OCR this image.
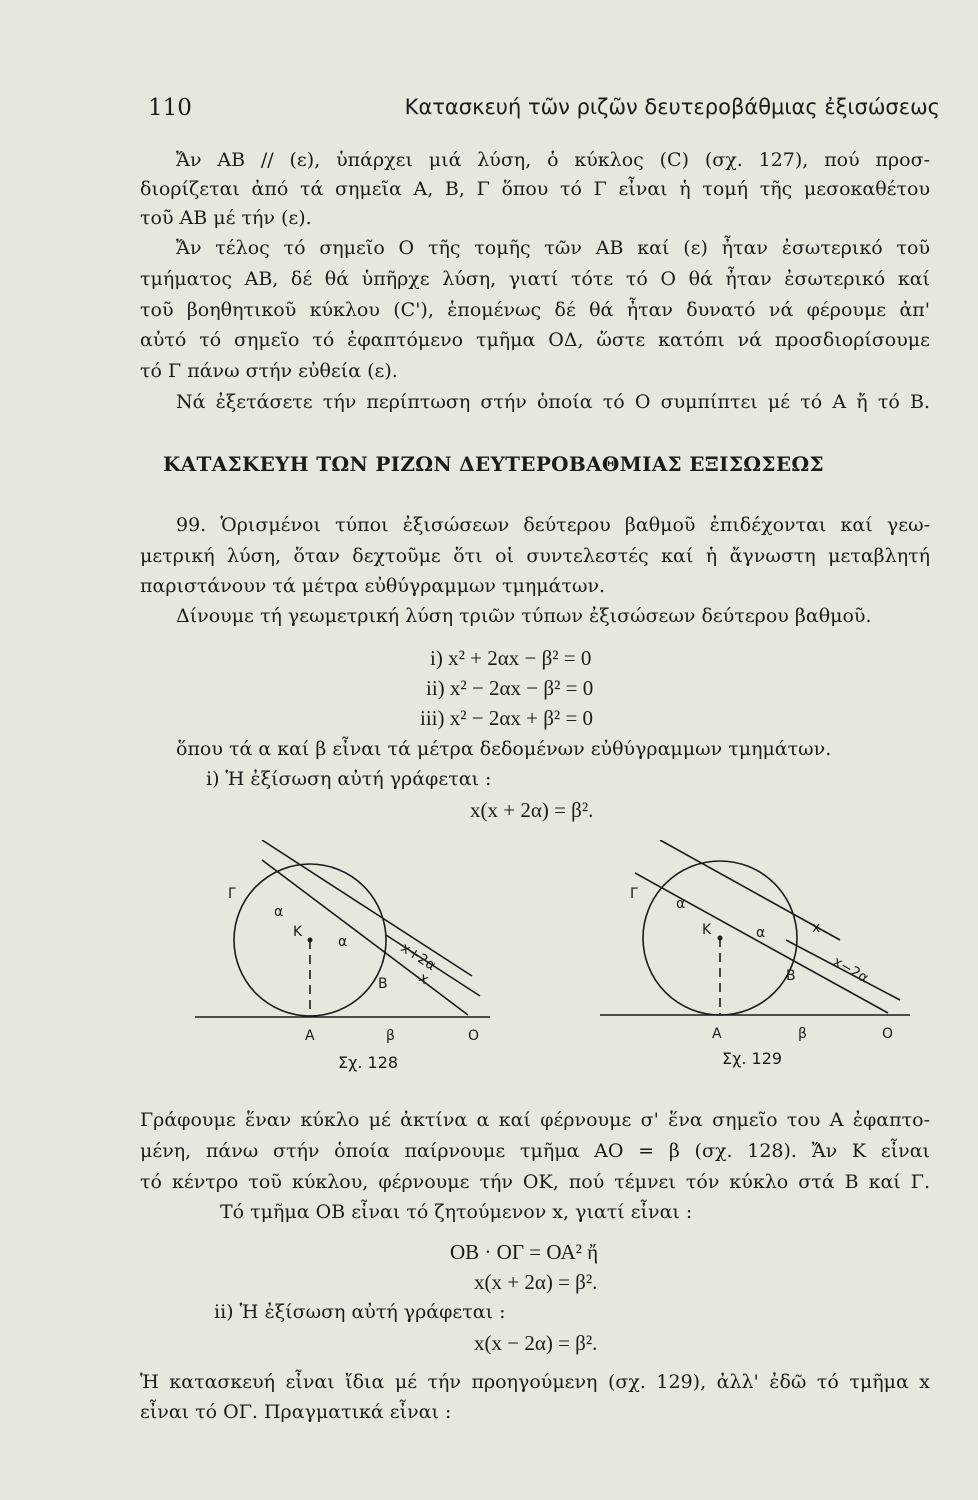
110	Κατασκευή τῶν ριζῶν δευτεροβάθμιας ἐξισώσεως
Ἄν ΑΒ // (ε), ὑπάρχει μιά λύση, ὁ κύκλος (C) (σχ. 127), πού προσ-
διορίζεται ἀπό τά σημεῖα Α, Β, Γ ὅπου τό Γ εἶναι ἡ τομή τῆς μεσοκαθέτου
τοῦ ΑΒ μέ τήν (ε).
Ἄν τέλος τό σημεῖο Ο τῆς τομῆς τῶν ΑΒ καί (ε) ἦταν ἐσωτερικό τοῦ
τμήματος ΑΒ, δέ θά ὑπῆρχε λύση, γιατί τότε τό Ο θά ἦταν ἐσωτερικό καί
τοῦ βοηθητικοῦ κύκλου (C'), ἑπομένως δέ θά ἦταν δυνατό νά φέρουμε ἀπ'
αὐτό τό σημεῖο τό ἐφαπτόμενο τμῆμα ΟΔ, ὥστε κατόπι νά προσδιορίσουμε
τό Γ πάνω στήν εὐθεία (ε).
Νά ἐξετάσετε τήν περίπτωση στήν ὁποία τό Ο συμπίπτει μέ τό Α ἤ τό Β.
ΚΑΤΑΣΚΕΥΗ ΤΩΝ ΡΙΖΩΝ ΔΕΥΤΕΡΟΒΑΘΜΙΑΣ ΕΞΙΣΩΣΕΩΣ
99. Ὁρισμένοι τύποι ἐξισώσεων δεύτερου βαθμοῦ ἐπιδέχονται καί γεω-
μετρική λύση, ὅταν δεχτοῦμε ὅτι οἱ συντελεστές καί ἡ ἄγνωστη μεταβλητή
παριστάνουν τά μέτρα εὐθύγραμμων τμημάτων.
Δίνουμε τή γεωμετρική λύση τριῶν τύπων ἐξισώσεων δεύτερου βαθμοῦ.
i) x² + 2αx − β² = 0
ii) x² − 2αx − β² = 0
iii) x² − 2αx + β² = 0
ὅπου τά α καί β εἶναι τά μέτρα δεδομένων εὐθύγραμμων τμημάτων.
i) Ἡ ἐξίσωση αὐτή γράφεται :
x(x + 2α) = β².
Γ
α
Κ
α	x+2α
Β x
Α	β	Ο
Σχ. 128
Γ
α
Κ	α	x
Β x−2α
Α	β	Ο
Σχ. 129
Γράφουμε ἕναν κύκλο μέ ἀκτίνα α καί φέρνουμε σ' ἕνα σημεῖο του Α ἐφαπτο-
μένη, πάνω στήν ὁποία παίρνουμε τμῆμα ΑΟ = β (σχ. 128). Ἄν Κ εἶναι
τό κέντρο τοῦ κύκλου, φέρνουμε τήν ΟΚ, πού τέμνει τόν κύκλο στά Β καί Γ.
Τό τμῆμα ΟΒ εἶναι τό ζητούμενον x, γιατί εἶναι :
ΟΒ · ΟΓ = ΟΑ² ἤ
x(x + 2α) = β².
ii) Ἡ ἐξίσωση αὐτή γράφεται :
x(x − 2α) = β².
Ἡ κατασκευή εἶναι ἴδια μέ τήν προηγούμενη (σχ. 129), ἀλλ' ἐδῶ τό τμῆμα x
εἶναι τό ΟΓ. Πραγματικά εἶναι :
